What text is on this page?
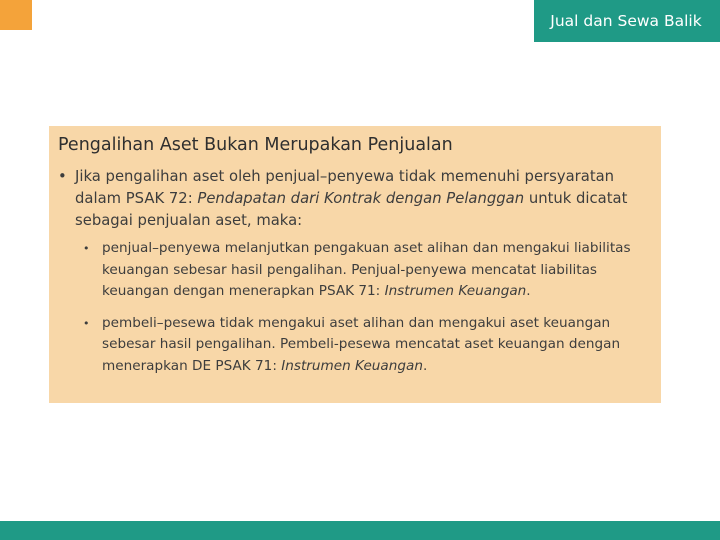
Jual dan Sewa Balik
Pengalihan Aset Bukan Merupakan Penjualan
• Jika pengalihan aset oleh penjual–penyewa tidak memenuhi persyaratan dalam PSAK 72: Pendapatan dari Kontrak dengan Pelanggan untuk dicatat sebagai penjualan aset, maka:
• penjual–penyewa melanjutkan pengakuan aset alihan dan mengakui liabilitas keuangan sebesar hasil pengalihan. Penjual-penyewa mencatat liabilitas keuangan dengan menerapkan PSAK 71: Instrumen Keuangan.
• pembeli–pesewa tidak mengakui aset alihan dan mengakui aset keuangan sebesar hasil pengalihan. Pembeli-pesewa mencatat aset keuangan dengan menerapkan DE PSAK 71: Instrumen Keuangan.
